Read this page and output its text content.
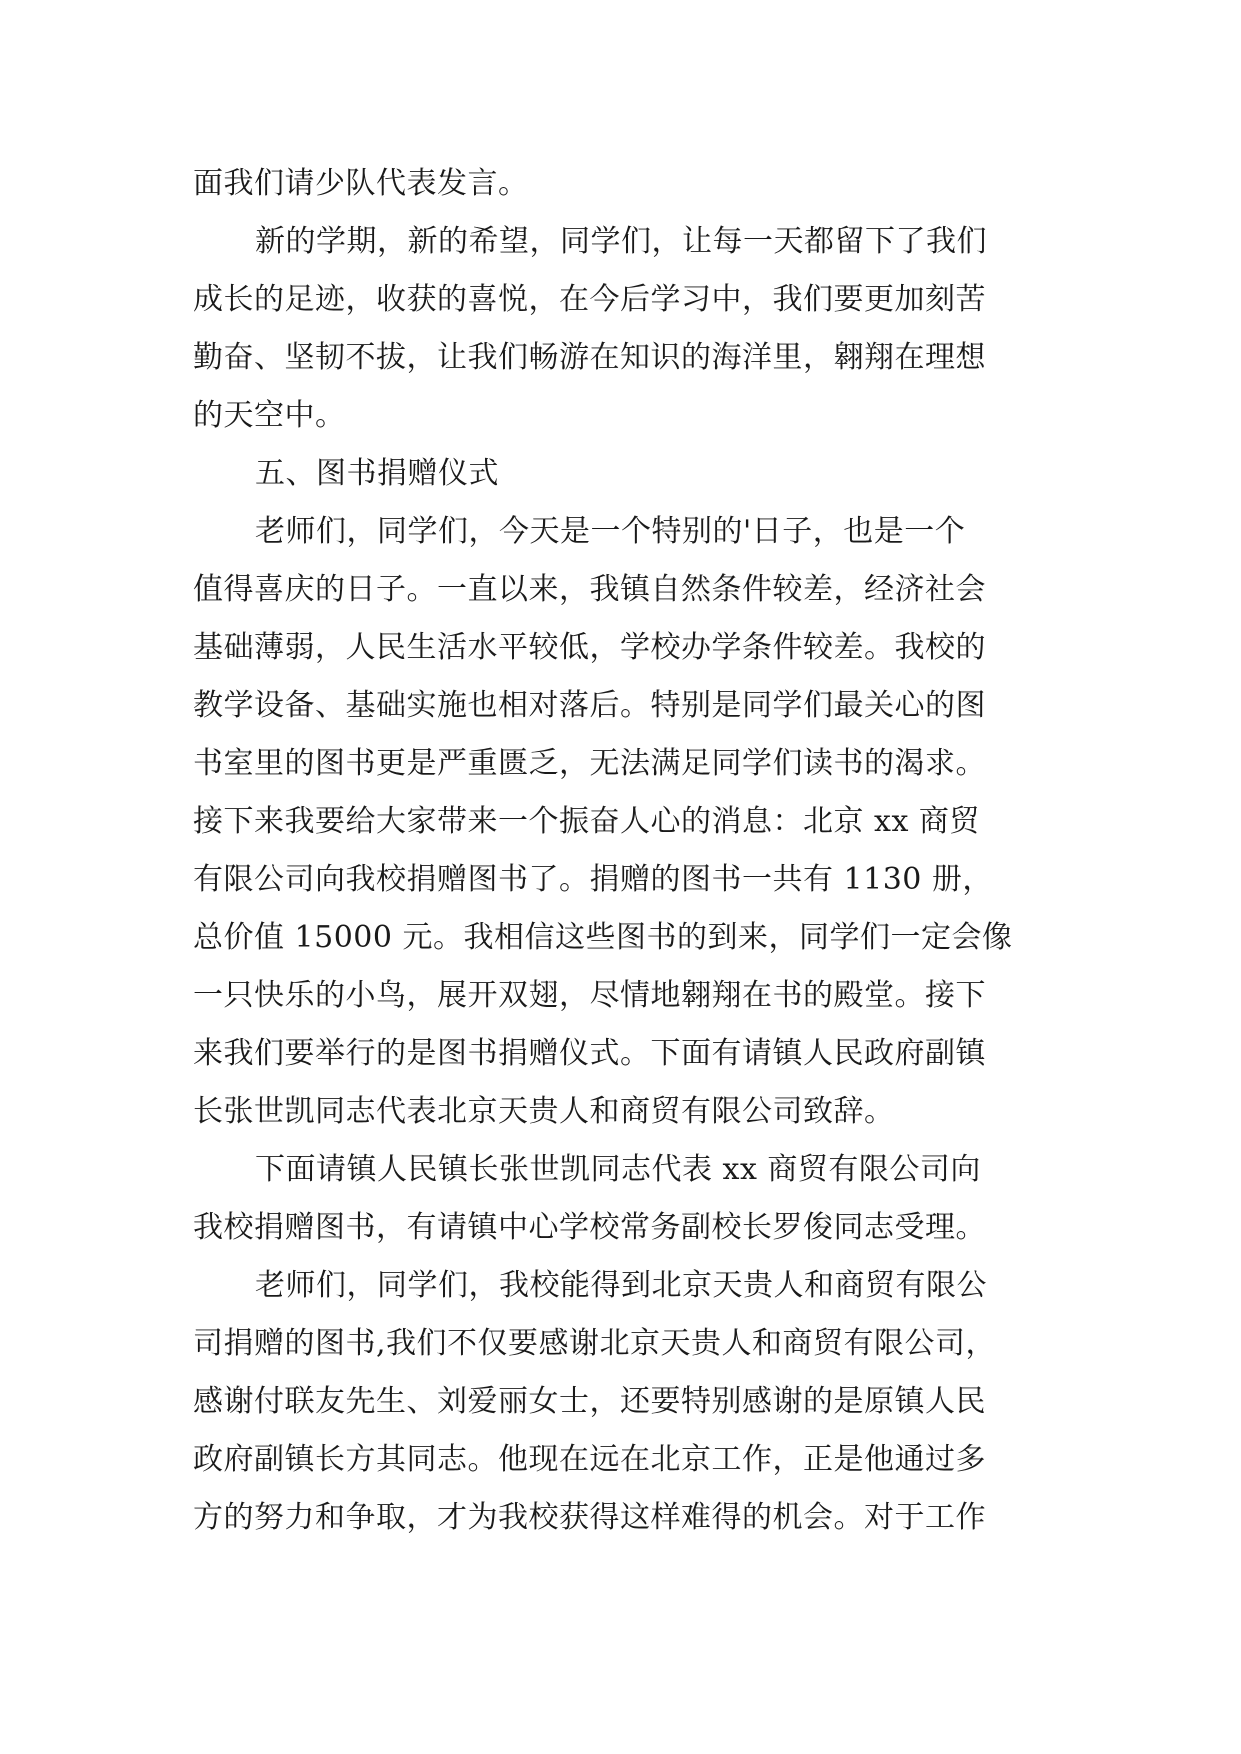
面我们请少队代表发言。
新的学期，新的希望，同学们，让每一天都留下了我们
成长的足迹，收获的喜悦，在今后学习中，我们要更加刻苦
勤奋、坚韧不拔，让我们畅游在知识的海洋里，翱翔在理想
的天空中。
五、图书捐赠仪式
老师们，同学们，今天是一个特别的'日子，也是一个
值得喜庆的日子。一直以来，我镇自然条件较差，经济社会
基础薄弱，人民生活水平较低，学校办学条件较差。我校的
教学设备、基础实施也相对落后。特别是同学们最关心的图
书室里的图书更是严重匮乏，无法满足同学们读书的渴求。
接下来我要给大家带来一个振奋人心的消息：北京 xx 商贸
有限公司向我校捐赠图书了。捐赠的图书一共有 1130 册，
总价值 15000 元。我相信这些图书的到来，同学们一定会像
一只快乐的小鸟，展开双翅，尽情地翱翔在书的殿堂。接下
来我们要举行的是图书捐赠仪式。下面有请镇人民政府副镇
长张世凯同志代表北京天贵人和商贸有限公司致辞。
下面请镇人民镇长张世凯同志代表 xx 商贸有限公司向
我校捐赠图书，有请镇中心学校常务副校长罗俊同志受理。
老师们，同学们，我校能得到北京天贵人和商贸有限公
司捐赠的图书,我们不仅要感谢北京天贵人和商贸有限公司，
感谢付联友先生、刘爱丽女士，还要特别感谢的是原镇人民
政府副镇长方其同志。他现在远在北京工作，正是他通过多
方的努力和争取，才为我校获得这样难得的机会。对于工作
